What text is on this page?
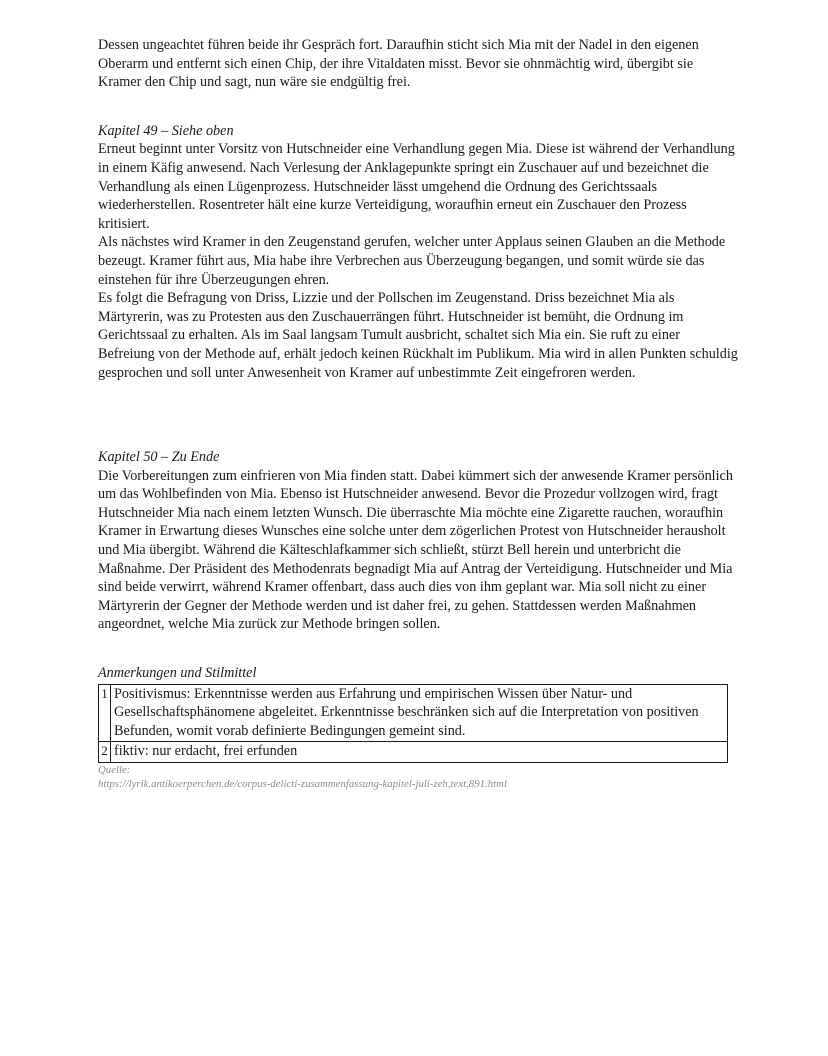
Dessen ungeachtet führen beide ihr Gespräch fort. Daraufhin sticht sich Mia mit der Nadel in den eigenen Oberarm und entfernt sich einen Chip, der ihre Vitaldaten misst. Bevor sie ohnmächtig wird, übergibt sie Kramer den Chip und sagt, nun wäre sie endgültig frei.

Kapitel 49 – Siehe oben

Erneut beginnt unter Vorsitz von Hutschneider eine Verhandlung gegen Mia. Diese ist während der Verhandlung in einem Käfig anwesend. Nach Verlesung der Anklagepunkte springt ein Zuschauer auf und bezeichnet die Verhandlung als einen Lügenprozess. Hutschneider lässt umgehend die Ordnung des Gerichtssaals wiederherstellen. Rosentreter hält eine kurze Verteidigung, woraufhin erneut ein Zuschauer den Prozess kritisiert.

Als nächstes wird Kramer in den Zeugenstand gerufen, welcher unter Applaus seinen Glauben an die Methode bezeugt. Kramer führt aus, Mia habe ihre Verbrechen aus Überzeugung begangen, und somit würde sie das einstehen für ihre Überzeugungen ehren.

Es folgt die Befragung von Driss, Lizzie und der Pollschen im Zeugenstand. Driss bezeichnet Mia als Märtyrerin, was zu Protesten aus den Zuschauerrängen führt. Hutschneider ist bemüht, die Ordnung im Gerichtssaal zu erhalten. Als im Saal langsam Tumult ausbricht, schaltet sich Mia ein. Sie ruft zu einer Befreiung von der Methode auf, erhält jedoch keinen Rückhalt im Publikum. Mia wird in allen Punkten schuldig gesprochen und soll unter Anwesenheit von Kramer auf unbestimmte Zeit eingefroren werden.

Kapitel 50 – Zu Ende

Die Vorbereitungen zum einfrieren von Mia finden statt. Dabei kümmert sich der anwesende Kramer persönlich um das Wohlbefinden von Mia. Ebenso ist Hutschneider anwesend. Bevor die Prozedur vollzogen wird, fragt Hutschneider Mia nach einem letzten Wunsch. Die überraschte Mia möchte eine Zigarette rauchen, woraufhin Kramer in Erwartung dieses Wunsches eine solche unter dem zögerlichen Protest von Hutschneider herausholt und Mia übergibt. Während die Kälteschlafkammer sich schließt, stürzt Bell herein und unterbricht die Maßnahme. Der Präsident des Methodenrats begnadigt Mia auf Antrag der Verteidigung. Hutschneider und Mia sind beide verwirrt, während Kramer offenbart, dass auch dies von ihm geplant war. Mia soll nicht zu einer Märtyrerin der Gegner der Methode werden und ist daher frei, zu gehen. Stattdessen werden Maßnahmen angeordnet, welche Mia zurück zur Methode bringen sollen.

Anmerkungen und Stilmittel
1	Positivismus: Erkenntnisse werden aus Erfahrung und empirischen Wissen über Natur- und Gesellschaftsphänomene abgeleitet. Erkenntnisse beschränken sich auf die Interpretation von positiven Befunden, womit vorab definierte Bedingungen gemeint sind.
2	fiktiv: nur erdacht, frei erfunden
Quelle:
https://lyrik.antikoerperchen.de/corpus-delicti-zusammenfassung-kapitel-juli-zeh,text,891.html
